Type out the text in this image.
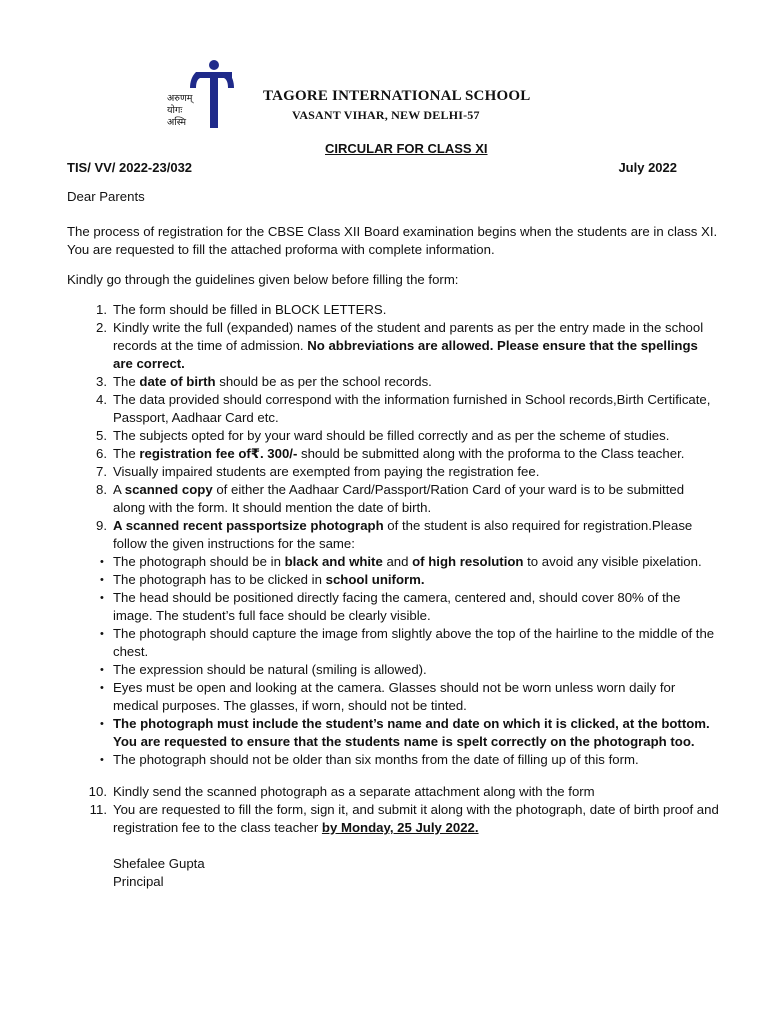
अरुणम्
योगः
अस्मि
TAGORE INTERNATIONAL SCHOOL
VASANT VIHAR, NEW DELHI-57
CIRCULAR FOR CLASS XI
TIS/ VV/ 2022-23/032	July 2022

Dear Parents

The process of registration for the CBSE Class XII Board examination begins when the students are in class XI. You are requested to fill the attached proforma with complete information.

Kindly go through the guidelines given below before filling the form:

1. The form should be filled in BLOCK LETTERS.
2. Kindly write the full (expanded) names of the student and parents as per the entry made in the school records at the time of admission. No abbreviations are allowed. Please ensure that the spellings are correct.
3. The date of birth should be as per the school records.
4. The data provided should correspond with the information furnished in School records,Birth Certificate, Passport, Aadhaar Card etc.
5. The subjects opted for by your ward should be filled correctly and as per the scheme of studies.
6. The registration fee of₹. 300/- should be submitted along with the proforma to the Class teacher.
7. Visually impaired students are exempted from paying the registration fee.
8. A scanned copy of either the Aadhaar Card/Passport/Ration Card of your ward is to be submitted along with the form. It should mention the date of birth.
9. A scanned recent passportsize photograph of the student is also required for registration.Please follow the given instructions for the same:
• The photograph should be in black and white and of high resolution to avoid any visible pixelation.
• The photograph has to be clicked in school uniform.
• The head should be positioned directly facing the camera, centered and, should cover 80% of the image. The student’s full face should be clearly visible.
• The photograph should capture the image from slightly above the top of the hairline to the middle of the chest.
• The expression should be natural (smiling is allowed).
• Eyes must be open and looking at the camera. Glasses should not be worn unless worn daily for medical purposes. The glasses, if worn, should not be tinted.
• The photograph must include the student’s name and date on which it is clicked, at the bottom. You are requested to ensure that the students name is spelt correctly on the photograph too.
• The photograph should not be older than six months from the date of filling up of this form.
10. Kindly send the scanned photograph as a separate attachment along with the form
11. You are requested to fill the form, sign it, and submit it along with the photograph, date of birth proof and registration fee to the class teacher by Monday, 25 July 2022.
Shefalee Gupta
Principal
